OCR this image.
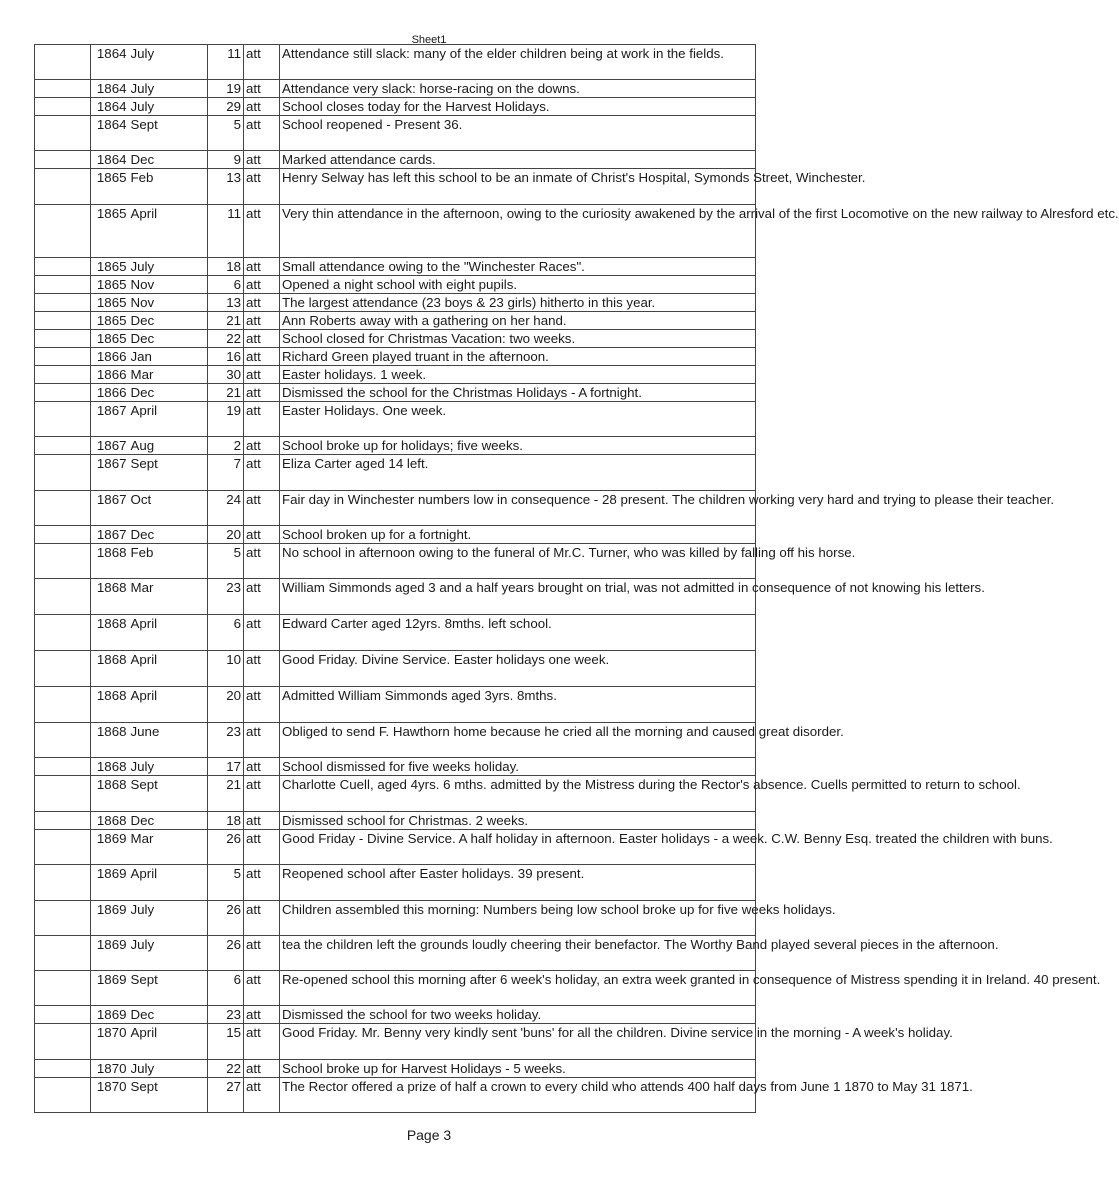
Sheet1
	1864	July	11	att	Attendance still slack: many of the elder children being at work in the fields.
	1864	July	19	att	Attendance very slack: horse-racing on the downs.
	1864	July	29	att	School closes today for the Harvest Holidays.
	1864	Sept	5	att	School reopened - Present 36.
	1864	Dec	9	att	Marked attendance cards.
	1865	Feb	13	att	Henry Selway has left this school to be an inmate of Christ's Hospital, Symonds Street, Winchester.
	1865	April	11	att	Very thin attendance in the afternoon, owing to the curiosity awakened by the arrival of the first Locomotive on the new railway to Alresford etc.
	1865	July	18	att	Small attendance owing to the "Winchester Races".
	1865	Nov	6	att	Opened a night school with eight pupils.
	1865	Nov	13	att	The largest attendance (23 boys & 23 girls) hitherto in this year.
	1865	Dec	21	att	Ann Roberts away with a gathering on her hand.
	1865	Dec	22	att	School closed for Christmas Vacation: two weeks.
	1866	Jan	16	att	Richard Green played truant in the afternoon.
	1866	Mar	30	att	Easter holidays. 1 week.
	1866	Dec	21	att	Dismissed the school for the Christmas Holidays - A fortnight.
	1867	April	19	att	Easter Holidays. One week.
	1867	Aug	2	att	School broke up for holidays; five weeks.
	1867	Sept	7	att	Eliza Carter aged 14 left.
	1867	Oct	24	att	Fair day in Winchester numbers low in consequence - 28 present. The children working very hard and trying to please their teacher.
	1867	Dec	20	att	School broken up for a fortnight.
	1868	Feb	5	att	No school in afternoon owing to the funeral of Mr.C. Turner, who was killed by falling off his horse.
	1868	Mar	23	att	William Simmonds aged 3 and a half years brought on trial, was not admitted in consequence of not knowing his letters.
	1868	April	6	att	Edward Carter aged 12yrs. 8mths. left school.
	1868	April	10	att	Good Friday. Divine Service. Easter holidays one week.
	1868	April	20	att	Admitted William Simmonds aged 3yrs. 8mths.
	1868	June	23	att	Obliged to send F. Hawthorn home because he cried all the morning and caused great disorder.
	1868	July	17	att	School dismissed for five weeks holiday.
	1868	Sept	21	att	Charlotte Cuell, aged 4yrs. 6 mths. admitted by the Mistress during the Rector's absence. Cuells permitted to return to school.
	1868	Dec	18	att	Dismissed school for Christmas. 2 weeks.
	1869	Mar	26	att	Good Friday - Divine Service. A half holiday in afternoon. Easter holidays - a week. C.W. Benny Esq. treated the children with buns.
	1869	April	5	att	Reopened school after Easter holidays. 39 present.
	1869	July	26	att	Children assembled this morning: Numbers being low school broke up for five weeks holidays.
	1869	July	26	att	tea the children left the grounds loudly cheering their benefactor. The Worthy Band played several pieces in the afternoon.
	1869	Sept	6	att	Re-opened school this morning after 6 week's holiday, an extra week granted in consequence of Mistress spending it in Ireland. 40 present.
	1869	Dec	23	att	Dismissed the school for two weeks holiday.
	1870	April	15	att	Good Friday. Mr. Benny very kindly sent 'buns' for all the children. Divine service in the morning - A week's holiday.
	1870	July	22	att	School broke up for Harvest Holidays - 5 weeks.
	1870	Sept	27	att	The Rector offered a prize of half a crown to every child who attends 400 half days from June 1 1870 to May 31 1871.
Page 3
